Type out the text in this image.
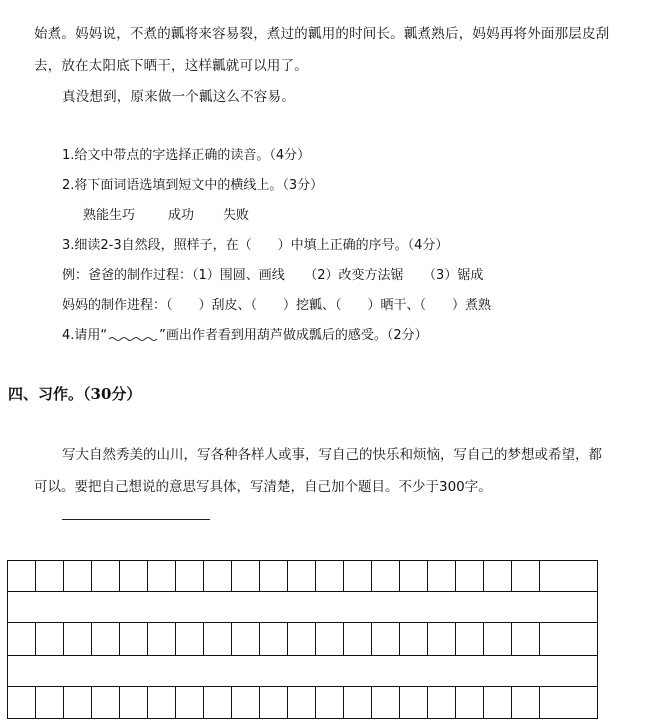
始煮。妈妈说，不煮的瓤将来容易裂，煮过的瓤用的时间长。瓤煮熟后，妈妈再将外面那层皮刮
去，放在太阳底下晒干，这样瓤就可以用了。
真没想到，原来做一个瓤这么不容易。
1.给文中带点的字选择正确的读音。（4分）
2.将下面词语选填到短文中的横线上。（3分）
熟能生巧	成功 失败
3.细读2-3自然段，照样子，在（　　）中填上正确的序号。（4分）
例：爸爸的制作过程：（1）围圆、画线　　（2）改变方法锯　　（3）锯成
妈妈的制作进程：（　　）刮皮、（　　）挖瓤、（　　）晒干、（　　）煮熟
4.请用“	”画出作者看到用葫芦做成瓢后的感受。（2分）
四、习作。（30分）
写大自然秀美的山川，写各种各样人或事，写自己的快乐和烦恼，写自己的梦想或希望，都
可以。要把自己想说的意思写具体，写清楚，自己加个题目。不少于300字。
